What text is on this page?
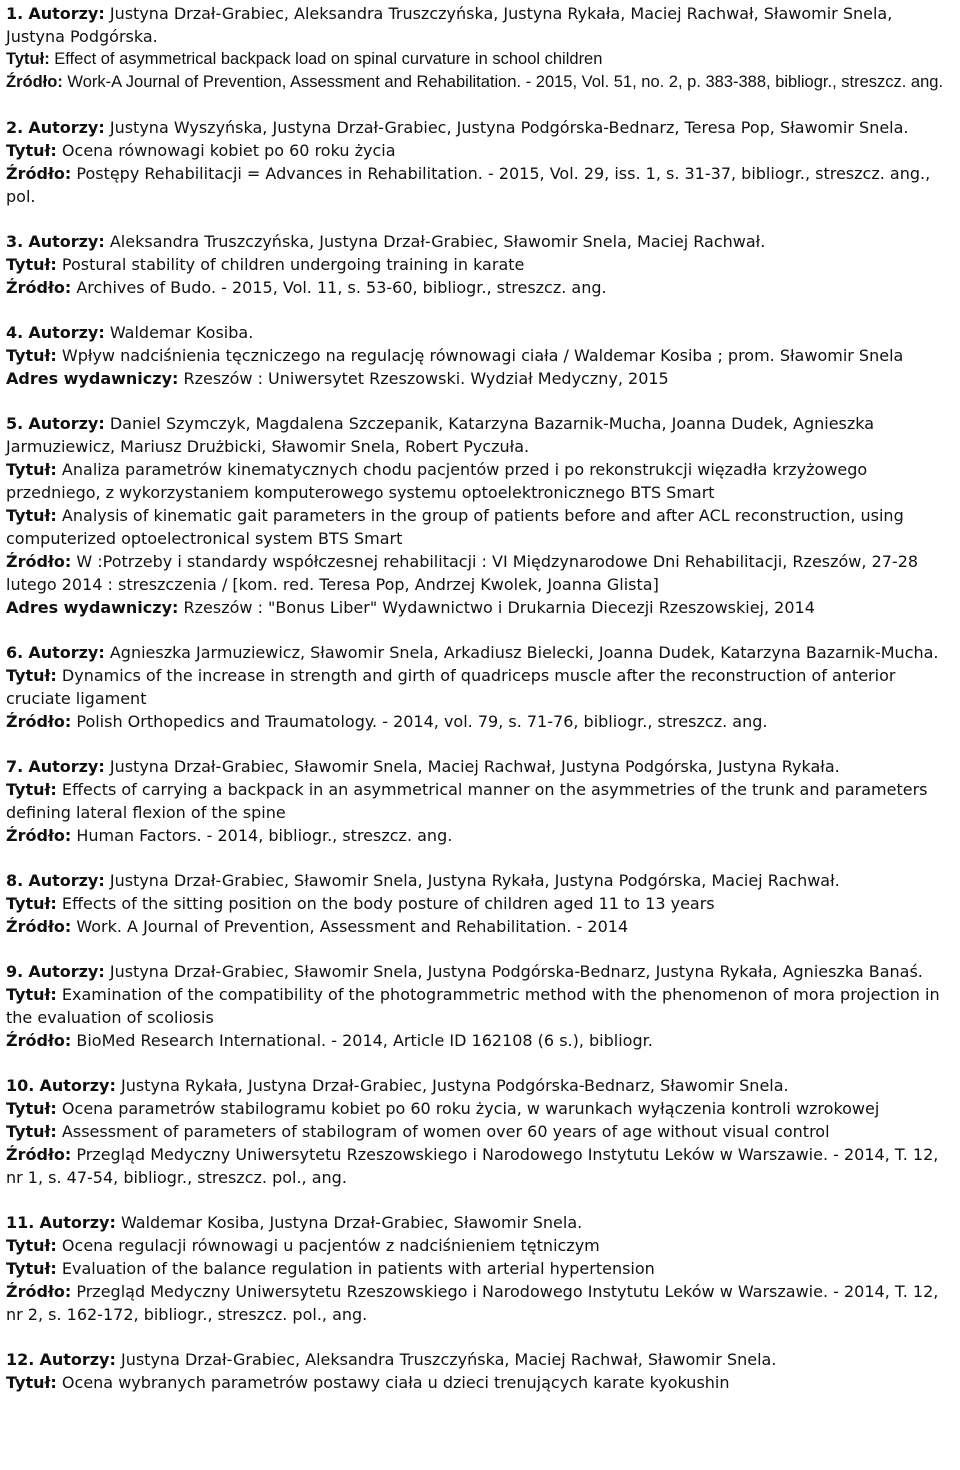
1. Autorzy: Justyna Drzał-Grabiec, Aleksandra Truszczyńska, Justyna Rykała, Maciej Rachwał, Sławomir Snela, Justyna Podgórska.
Tytuł: Effect of asymmetrical backpack load on spinal curvature in school children
Źródło: Work-A Journal of Prevention, Assessment and Rehabilitation. - 2015, Vol. 51, no. 2, p. 383-388, bibliogr., streszcz. ang.
2. Autorzy: Justyna Wyszyńska, Justyna Drzał-Grabiec, Justyna Podgórska-Bednarz, Teresa Pop, Sławomir Snela.
Tytuł: Ocena równowagi kobiet po 60 roku życia
Źródło: Postępy Rehabilitacji = Advances in Rehabilitation. - 2015, Vol. 29, iss. 1, s. 31-37, bibliogr., streszcz. ang., pol.
3. Autorzy: Aleksandra Truszczyńska, Justyna Drzał-Grabiec, Sławomir Snela, Maciej Rachwał.
Tytuł: Postural stability of children undergoing training in karate
Źródło: Archives of Budo. - 2015, Vol. 11, s. 53-60, bibliogr., streszcz. ang.
4. Autorzy: Waldemar Kosiba.
Tytuł: Wpływ nadciśnienia tęczniczego na regulację równowagi ciała / Waldemar Kosiba ; prom. Sławomir Snela
Adres wydawniczy: Rzeszów : Uniwersytet Rzeszowski. Wydział Medyczny, 2015
5. Autorzy: Daniel Szymczyk, Magdalena Szczepanik, Katarzyna Bazarnik-Mucha, Joanna Dudek, Agnieszka Jarmuziewicz, Mariusz Drużbicki, Sławomir Snela, Robert Pyczuła.
Tytuł: Analiza parametrów kinematycznych chodu pacjentów przed i po rekonstrukcji więzadła krzyżowego przedniego, z wykorzystaniem komputerowego systemu optoelektronicznego BTS Smart
Tytuł: Analysis of kinematic gait parameters in the group of patients before and after ACL reconstruction, using computerized optoelectronical system BTS Smart
Źródło: W :Potrzeby i standardy współczesnej rehabilitacji : VI Międzynarodowe Dni Rehabilitacji, Rzeszów, 27-28 lutego 2014 : streszczenia / [kom. red. Teresa Pop, Andrzej Kwolek, Joanna Glista]
Adres wydawniczy: Rzeszów : "Bonus Liber" Wydawnictwo i Drukarnia Diecezji Rzeszowskiej, 2014
6. Autorzy: Agnieszka Jarmuziewicz, Sławomir Snela, Arkadiusz Bielecki, Joanna Dudek, Katarzyna Bazarnik-Mucha.
Tytuł: Dynamics of the increase in strength and girth of quadriceps muscle after the reconstruction of anterior cruciate ligament
Źródło: Polish Orthopedics and Traumatology. - 2014, vol. 79, s. 71-76, bibliogr., streszcz. ang.
7. Autorzy: Justyna Drzał-Grabiec, Sławomir Snela, Maciej Rachwał, Justyna Podgórska, Justyna Rykała.
Tytuł: Effects of carrying a backpack in an asymmetrical manner on the asymmetries of the trunk and parameters defining lateral flexion of the spine
Źródło: Human Factors. - 2014, bibliogr., streszcz. ang.
8. Autorzy: Justyna Drzał-Grabiec, Sławomir Snela, Justyna Rykała, Justyna Podgórska, Maciej Rachwał.
Tytuł: Effects of the sitting position on the body posture of children aged 11 to 13 years
Źródło: Work. A Journal of Prevention, Assessment and Rehabilitation. - 2014
9. Autorzy: Justyna Drzał-Grabiec, Sławomir Snela, Justyna Podgórska-Bednarz, Justyna Rykała, Agnieszka Banaś.
Tytuł: Examination of the compatibility of the photogrammetric method with the phenomenon of mora projection in the evaluation of scoliosis
Źródło: BioMed Research International. - 2014, Article ID 162108 (6 s.), bibliogr.
10. Autorzy: Justyna Rykała, Justyna Drzał-Grabiec, Justyna Podgórska-Bednarz, Sławomir Snela.
Tytuł: Ocena parametrów stabilogramu kobiet po 60 roku życia, w warunkach wyłączenia kontroli wzrokowej
Tytuł: Assessment of parameters of stabilogram of women over 60 years of age without visual control
Źródło: Przegląd Medyczny Uniwersytetu Rzeszowskiego i Narodowego Instytutu Leków w Warszawie. - 2014, T. 12, nr 1, s. 47-54, bibliogr., streszcz. pol., ang.
11. Autorzy: Waldemar Kosiba, Justyna Drzał-Grabiec, Sławomir Snela.
Tytuł: Ocena regulacji równowagi u pacjentów z nadciśnieniem tętniczym
Tytuł: Evaluation of the balance regulation in patients with arterial hypertension
Źródło: Przegląd Medyczny Uniwersytetu Rzeszowskiego i Narodowego Instytutu Leków w Warszawie. - 2014, T. 12, nr 2, s. 162-172, bibliogr., streszcz. pol., ang.
12. Autorzy: Justyna Drzał-Grabiec, Aleksandra Truszczyńska, Maciej Rachwał, Sławomir Snela.
Tytuł: Ocena wybranych parametrów postawy ciała u dzieci trenujących karate kyokushin
